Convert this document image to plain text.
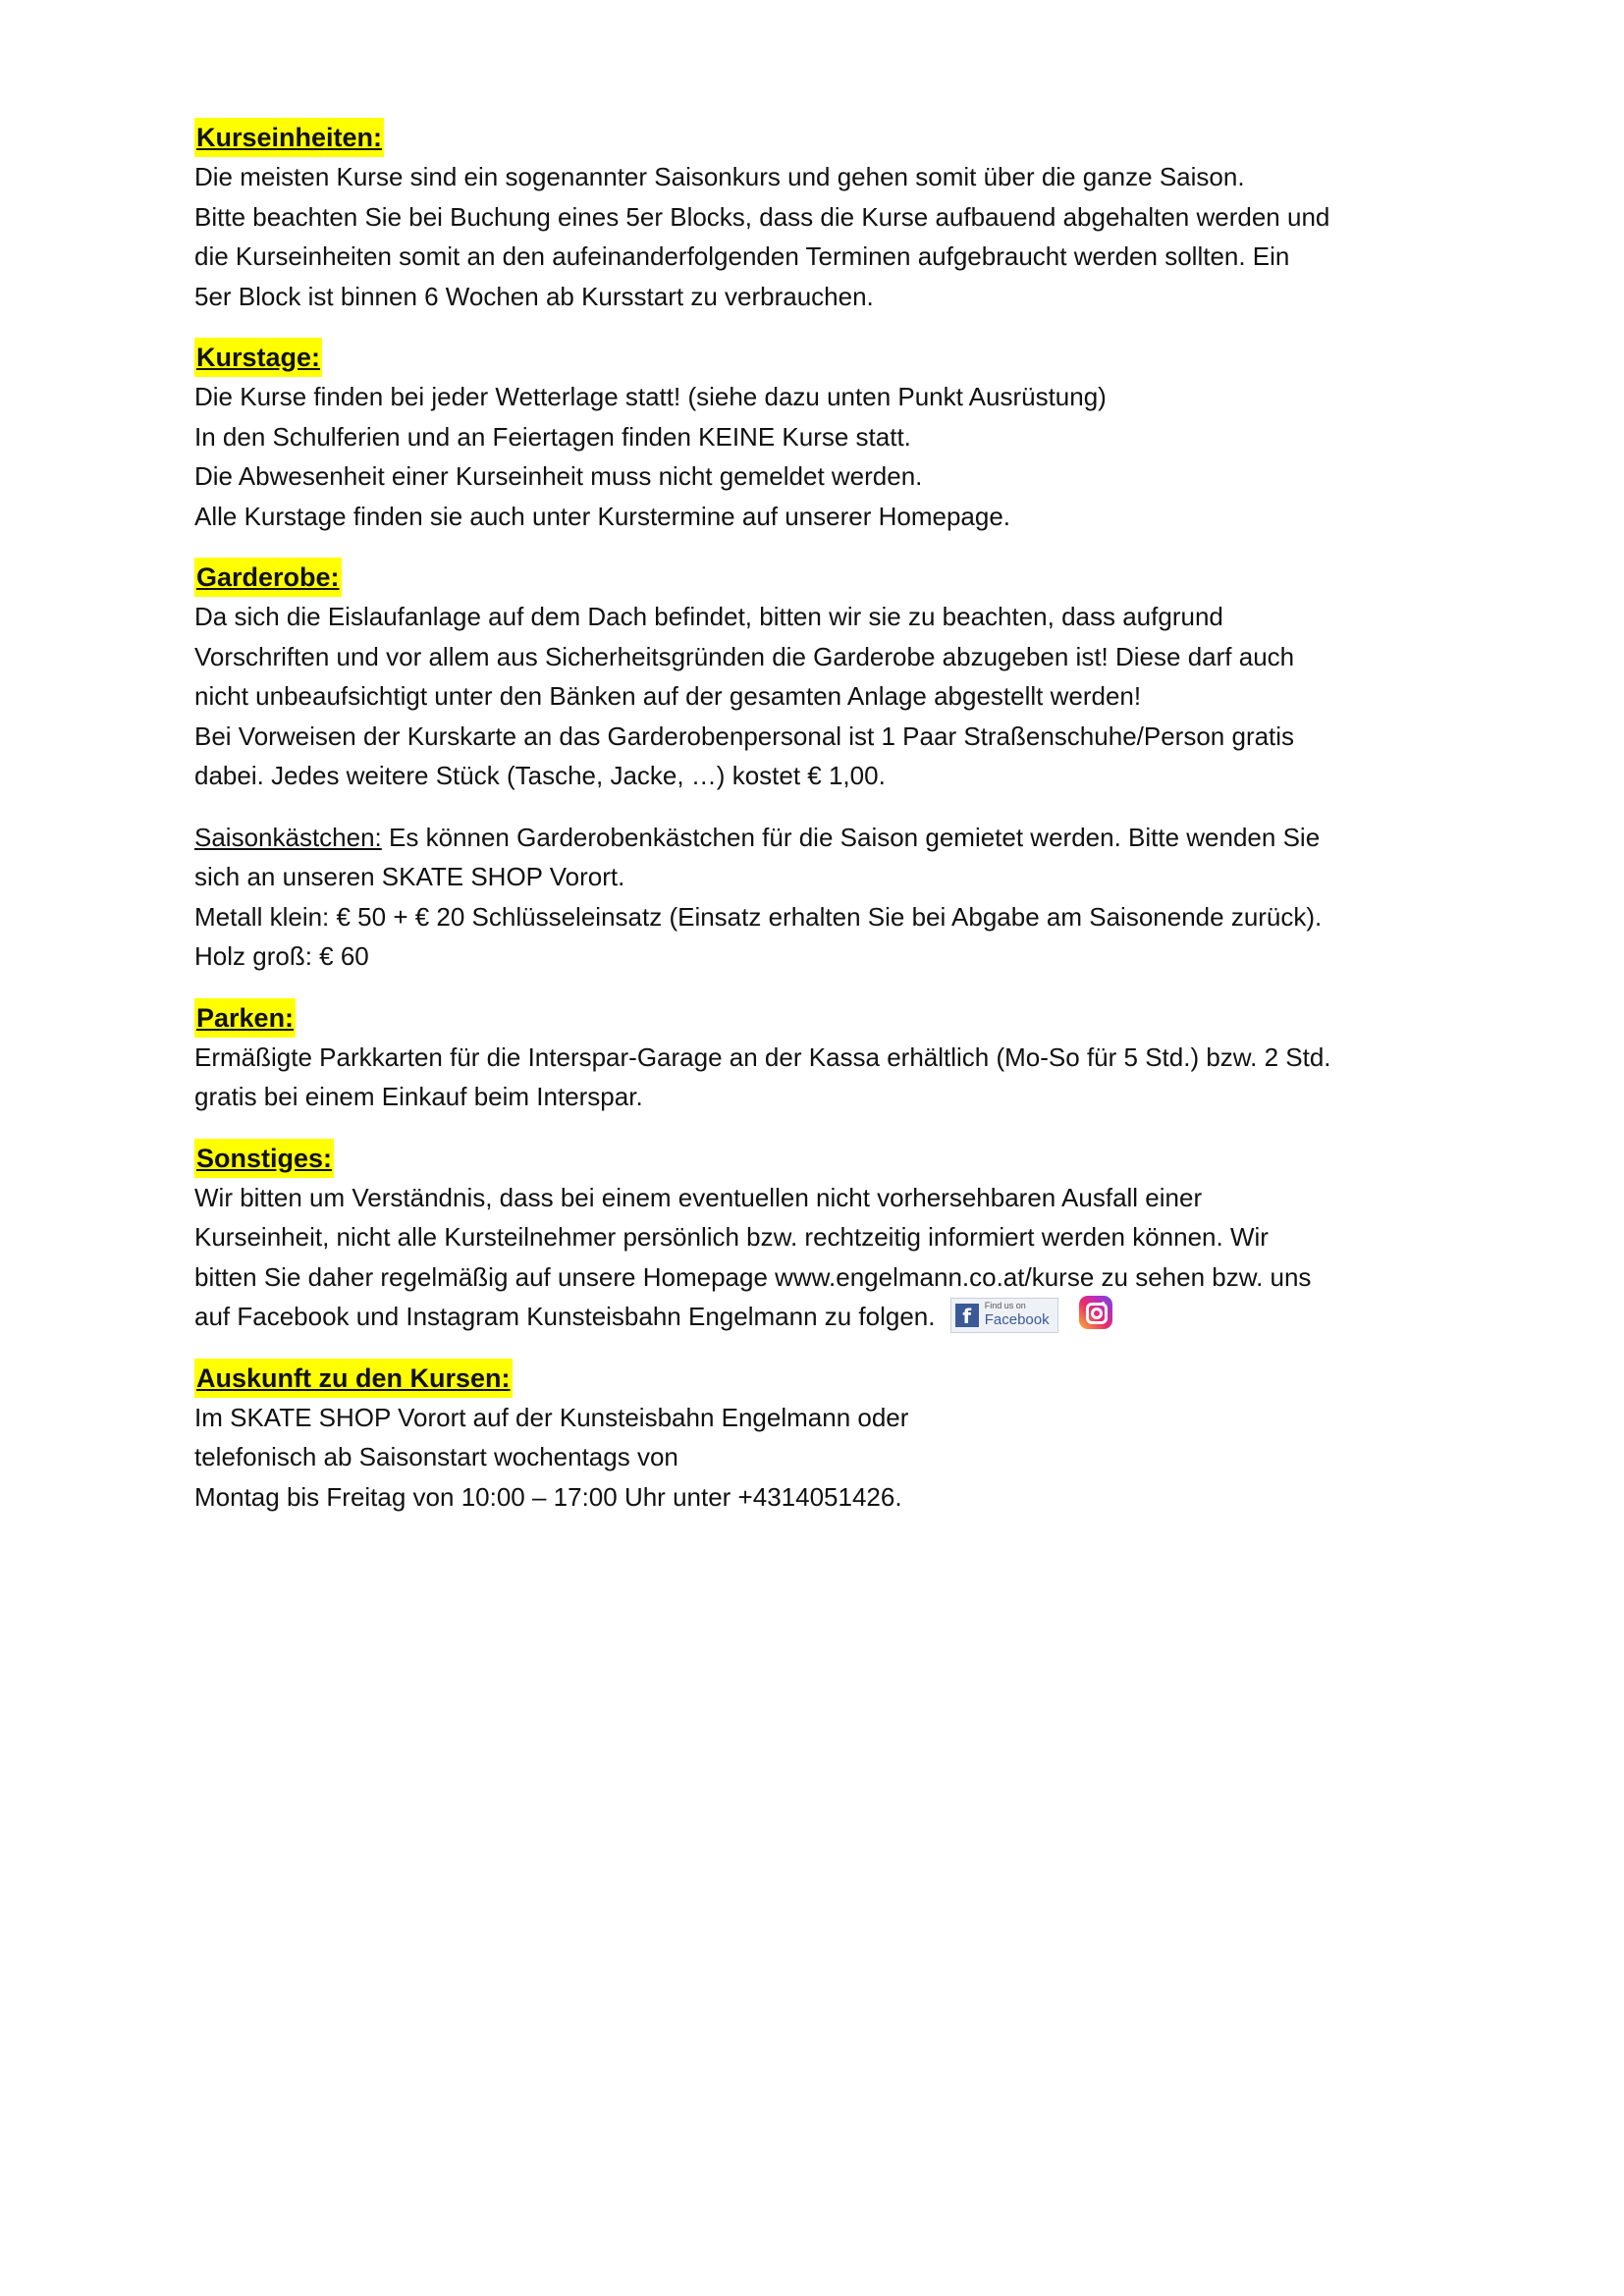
Kurseinheiten:
Die meisten Kurse sind ein sogenannter Saisonkurs und gehen somit über die ganze Saison.
Bitte beachten Sie bei Buchung eines 5er Blocks, dass die Kurse aufbauend abgehalten werden und
die Kurseinheiten somit an den aufeinanderfolgenden Terminen aufgebraucht werden sollten. Ein
5er Block ist binnen 6 Wochen ab Kursstart zu verbrauchen.
Kurstage:
Die Kurse finden bei jeder Wetterlage statt! (siehe dazu unten Punkt Ausrüstung)
In den Schulferien und an Feiertagen finden KEINE Kurse statt.
Die Abwesenheit einer Kurseinheit muss nicht gemeldet werden.
Alle Kurstage finden sie auch unter Kurstermine auf unserer Homepage.
Garderobe:
Da sich die Eislaufanlage auf dem Dach befindet, bitten wir sie zu beachten, dass aufgrund
Vorschriften und vor allem aus Sicherheitsgründen die Garderobe abzugeben ist! Diese darf auch
nicht unbeaufsichtigt unter den Bänken auf der gesamten Anlage abgestellt werden!
Bei Vorweisen der Kurskarte an das Garderobenpersonal ist 1 Paar Straßenschuhe/Person gratis
dabei. Jedes weitere Stück (Tasche, Jacke, …) kostet € 1,00.
Saisonkästchen: Es können Garderobenkästchen für die Saison gemietet werden. Bitte wenden Sie
sich an unseren SKATE SHOP Vorort.
Metall klein: € 50 + € 20 Schlüsseleinsatz (Einsatz erhalten Sie bei Abgabe am Saisonende zurück).
Holz groß: € 60
Parken:
Ermäßigte Parkkarten für die Interspar-Garage an der Kassa erhältlich (Mo-So für 5 Std.) bzw. 2 Std.
gratis bei einem Einkauf beim Interspar.
Sonstiges:
Wir bitten um Verständnis, dass bei einem eventuellen nicht vorhersehbaren Ausfall einer
Kurseinheit, nicht alle Kursteilnehmer persönlich bzw. rechtzeitig informiert werden können. Wir
bitten Sie daher regelmäßig auf unsere Homepage www.engelmann.co.at/kurse zu sehen bzw. uns
auf Facebook und Instagram Kunsteisbahn Engelmann zu folgen.	f	Find us on
Facebook

Auskunft zu den Kursen:
Im SKATE SHOP Vorort auf der Kunsteisbahn Engelmann oder
telefonisch ab Saisonstart wochentags von
Montag bis Freitag von 10:00 – 17:00 Uhr unter +4314051426.
